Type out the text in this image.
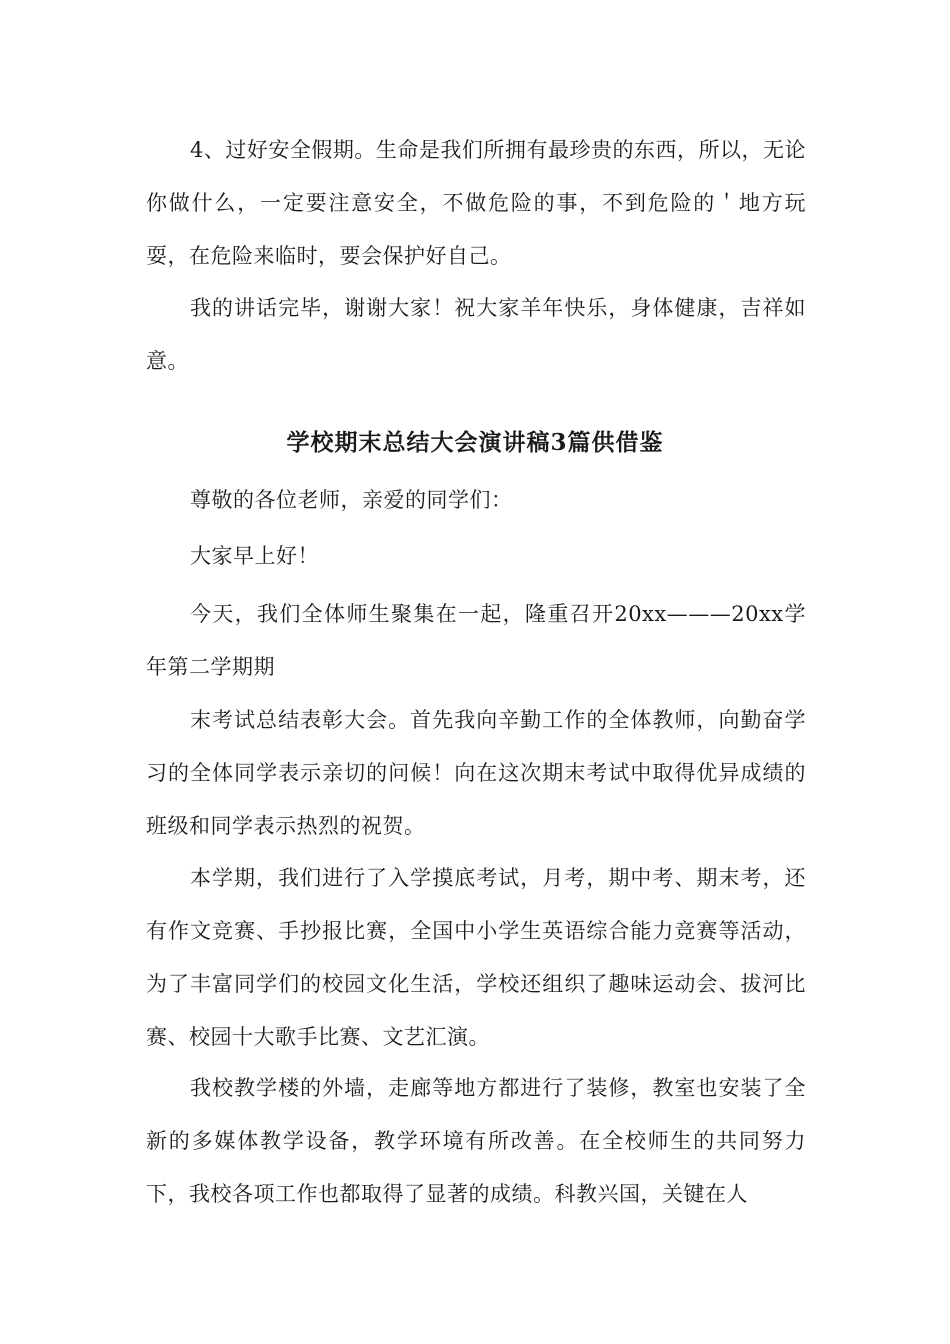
4、过好安全假期。生命是我们所拥有最珍贵的东西，所以，无论你做什么，一定要注意安全，不做危险的事，不到危险的＇地方玩耍，在危险来临时，要会保护好自己。

我的讲话完毕，谢谢大家！祝大家羊年快乐，身体健康，吉祥如意。

学校期末总结大会演讲稿3篇供借鉴

尊敬的各位老师，亲爱的同学们：

大家早上好！

今天，我们全体师生聚集在一起，隆重召开20xx———20xx学年第二学期期

末考试总结表彰大会。首先我向辛勤工作的全体教师，向勤奋学习的全体同学表示亲切的问候！向在这次期末考试中取得优异成绩的班级和同学表示热烈的祝贺。

本学期，我们进行了入学摸底考试，月考，期中考、期末考，还有作文竞赛、手抄报比赛，全国中小学生英语综合能力竞赛等活动，为了丰富同学们的校园文化生活，学校还组织了趣味运动会、拔河比赛、校园十大歌手比赛、文艺汇演。

我校教学楼的外墙，走廊等地方都进行了装修，教室也安装了全新的多媒体教学设备，教学环境有所改善。在全校师生的共同努力下，我校各项工作也都取得了显著的成绩。科教兴国，关键在人
